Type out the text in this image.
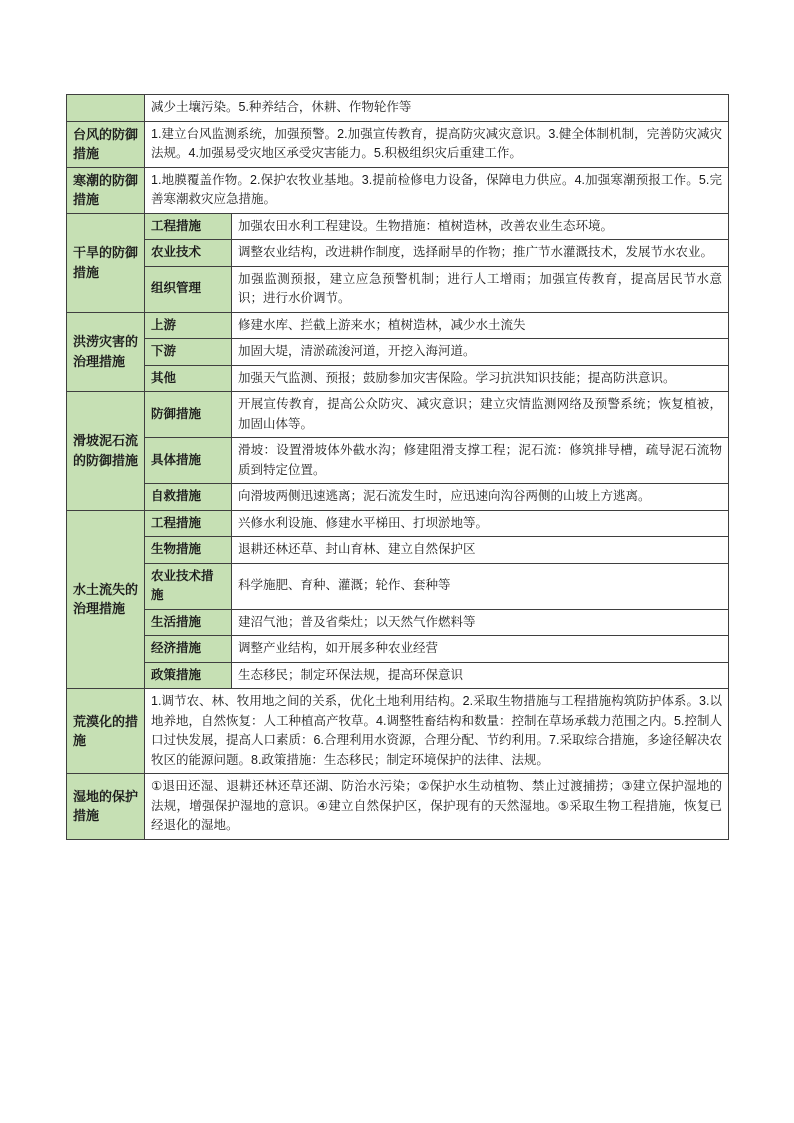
	减少土壤污染。5.种养结合，休耕、作物轮作等	
台风的防御措施	1.建立台风监测系统，加强预警。2.加强宣传教育，提高防灾减灾意识。3.健全体制机制，完善防灾减灾法规。4.加强易受灾地区承受灾害能力。5.积极组织灾后重建工作。	
寒潮的防御措施	1.地膜覆盖作物。2.保护农牧业基地。3.提前检修电力设备，保障电力供应。4.加强寒潮预报工作。5.完善寒潮救灾应急措施。	
干旱的防御措施	工程措施	加强农田水利工程建设。生物措施：植树造林，改善农业生态环境。
	农业技术	调整农业结构，改进耕作制度，选择耐旱的作物；推广节水灌溉技术，发展节水农业。
	组织管理	加强监测预报，建立应急预警机制；进行人工增雨；加强宣传教育，提高居民节水意识；进行水价调节。
洪涝灾害的治理措施	上游	修建水库、拦截上游来水；植树造林，减少水土流失
	下游	加固大堤，清淤疏浚河道，开挖入海河道。
	其他	加强天气监测、预报；鼓励参加灾害保险。学习抗洪知识技能；提高防洪意识。
滑坡泥石流的防御措施	防御措施	开展宣传教育，提高公众防灾、减灾意识；建立灾情监测网络及预警系统；恢复植被，加固山体等。
	具体措施	滑坡：设置滑坡体外截水沟；修建阻滑支撑工程；泥石流：修筑排导槽，疏导泥石流物质到特定位置。
	自救措施	向滑坡两侧迅速逃离；泥石流发生时，应迅速向沟谷两侧的山坡上方逃离。
水土流失的治理措施	工程措施	兴修水利设施、修建水平梯田、打坝淤地等。
	生物措施	退耕还林还草、封山育林、建立自然保护区
	农业技术措施	科学施肥、育种、灌溉；轮作、套种等
	生活措施	建沼气池；普及省柴灶；以天然气作燃料等
	经济措施	调整产业结构，如开展多种农业经营
	政策措施	生态移民；制定环保法规，提高环保意识
荒漠化的措施	1.调节农、林、牧用地之间的关系，优化土地利用结构。2.采取生物措施与工程措施构筑防护体系。3.以地养地，自然恢复：人工种植高产牧草。4.调整牲畜结构和数量：控制在草场承载力范围之内。5.控制人口过快发展，提高人口素质：6.合理利用水资源，合理分配、节约利用。7.采取综合措施，多途径解决农牧区的能源问题。8.政策措施：生态移民；制定环境保护的法律、法规。	
湿地的保护措施	①退田还湿、退耕还林还草还湖、防治水污染；②保护水生动植物、禁止过渡捕捞；③建立保护湿地的法规，增强保护湿地的意识。④建立自然保护区，保护现有的天然湿地。⑤采取生物工程措施，恢复已经退化的湿地。	
